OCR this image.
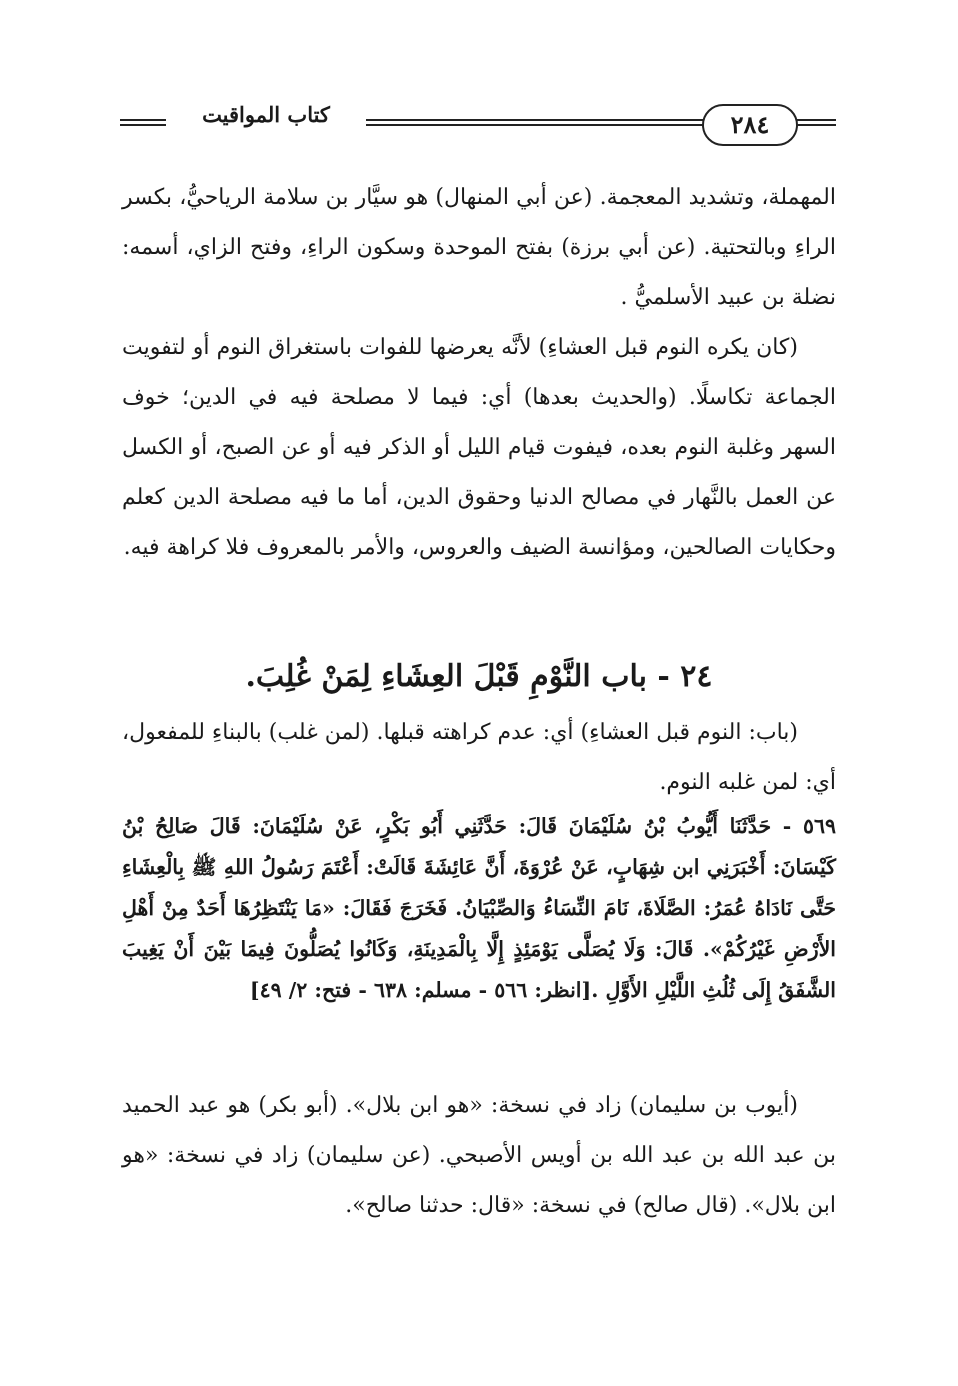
كتاب المواقيت	٢٨٤

المهملة، وتشديد المعجمة. (عن أبي المنهال) هو سيَّار بن سلامة الرياحيُّ، بكسر الراءِ وبالتحتية. (عن أبي برزة) بفتح الموحدة وسكون الراءِ، وفتح الزاي، أسمه: نضلة بن عبيد الأسلميُّ .

(كان يكره النوم قبل العشاءِ) لأنَّه يعرضها للفوات باستغراق النوم أو لتفويت الجماعة تكاسلًا. (والحديث بعدها) أي: فيما لا مصلحة فيه في الدين؛ خوف السهر وغلبة النوم بعده، فيفوت قيام الليل أو الذكر فيه أو عن الصبح، أو الكسل عن العمل بالنَّهار في مصالح الدنيا وحقوق الدين، أما ما فيه مصلحة الدين كعلم وحكايات الصالحين، ومؤانسة الضيف والعروس، والأمر بالمعروف فلا كراهة فيه.

٢٤ - باب النَّوْمِ قَبْلَ العِشَاءِ لِمَنْ غُلِبَ.

(باب: النوم قبل العشاءِ) أي: عدم كراهته قبلها. (لمن غلب) بالبناءِ للمفعول، أي: لمن غلبه النوم.

٥٦٩ - حَدَّثَنَا أَيُّوبُ بْنُ سُلَيْمَانَ قَالَ: حَدَّثَنِي أَبُو بَكْرٍ، عَنْ سُلَيْمَانَ: قَالَ صَالِحُ بْنُ كَيْسَانَ: أَخْبَرَنِي ابن شِهَابٍ، عَنْ عُرْوَةَ، أَنَّ عَائِشَةَ قَالَتْ: أَعْتَمَ رَسُولُ اللهِ ﷺ بِالْعِشَاءِ حَتَّى نَادَاهُ عُمَرُ: الصَّلَاةَ، نَامَ النِّسَاءُ وَالصِّبْيَانُ. فَخَرَجَ فَقَالَ: «مَا يَنْتَظِرُهَا أَحَدٌ مِنْ أَهْلِ الأَرْضِ غَيْرُكُمْ». قَالَ: وَلَا يُصَلَّى يَوْمَئِذٍ إِلَّا بِالْمَدِينَةِ، وَكَانُوا يُصَلُّونَ فِيمَا بَيْنَ أَنْ يَغِيبَ الشَّفَقُ إِلَى ثُلُثِ اللَّيْلِ الأَوَّلِ .[انظر: ٥٦٦ - مسلم: ٦٣٨ - فتح: ٢/ ٤٩]

(أيوب بن سليمان) زاد في نسخة: «هو ابن بلال». (أبو بكر) هو عبد الحميد بن عبد الله بن عبد الله بن أويس الأصبحي. (عن سليمان) زاد في نسخة: «هو ابن بلال». (قال صالح) في نسخة: «قال: حدثنا صالح».
